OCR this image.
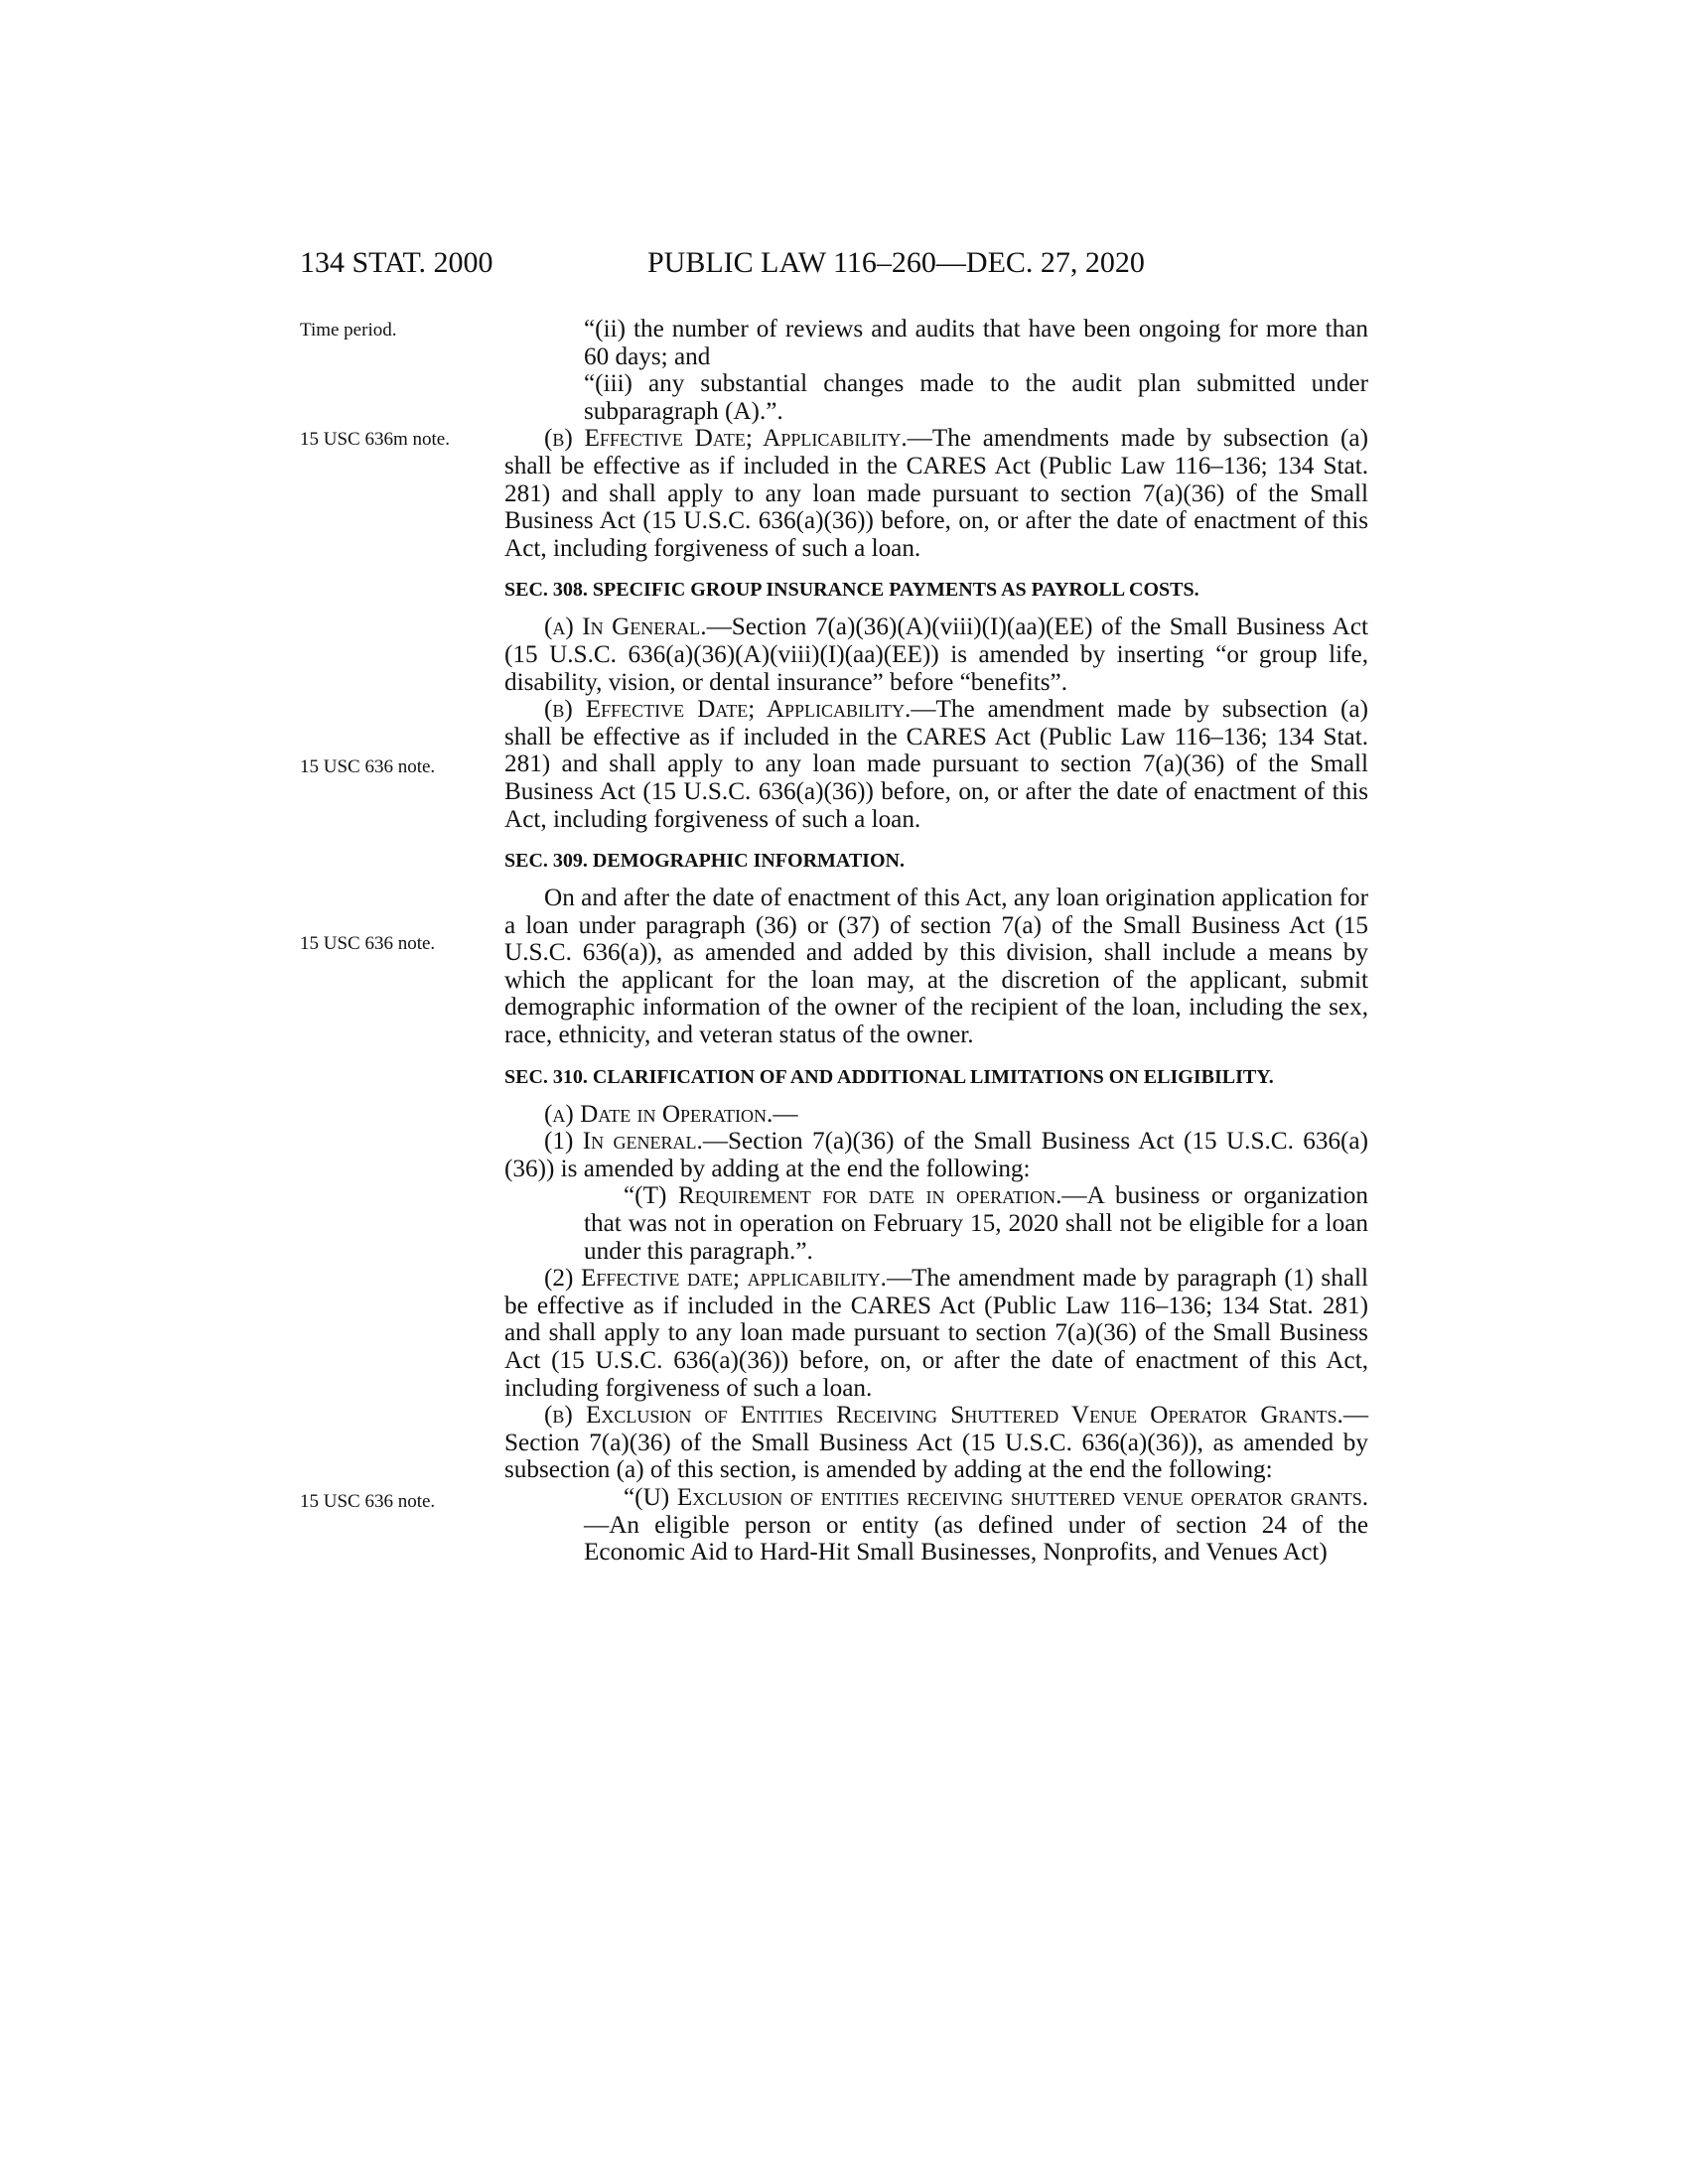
134 STAT. 2000	PUBLIC LAW 116–260—DEC. 27, 2020
Time period.
15 USC 636m note.
15 USC 636 note.
15 USC 636 note.
15 USC 636 note.

“(ii) the number of reviews and audits that have been ongoing for more than 60 days; and

“(iii) any substantial changes made to the audit plan submitted under subparagraph (A).”.

(b) Effective Date; Applicability.—The amendments made by subsection (a) shall be effective as if included in the CARES Act (Public Law 116–136; 134 Stat. 281) and shall apply to any loan made pursuant to section 7(a)(36) of the Small Business Act (15 U.S.C. 636(a)(36)) before, on, or after the date of enactment of this Act, including forgiveness of such a loan.

SEC. 308. SPECIFIC GROUP INSURANCE PAYMENTS AS PAYROLL COSTS.

(a) In General.—Section 7(a)(36)(A)(viii)(I)(aa)(EE) of the Small Business Act (15 U.S.C. 636(a)(36)(A)(viii)(I)(aa)(EE)) is amended by inserting “or group life, disability, vision, or dental insurance” before “benefits”.

(b) Effective Date; Applicability.—The amendment made by subsection (a) shall be effective as if included in the CARES Act (Public Law 116–136; 134 Stat. 281) and shall apply to any loan made pursuant to section 7(a)(36) of the Small Business Act (15 U.S.C. 636(a)(36)) before, on, or after the date of enactment of this Act, including forgiveness of such a loan.

SEC. 309. DEMOGRAPHIC INFORMATION.

On and after the date of enactment of this Act, any loan origination application for a loan under paragraph (36) or (37) of section 7(a) of the Small Business Act (15 U.S.C. 636(a)), as amended and added by this division, shall include a means by which the applicant for the loan may, at the discretion of the applicant, submit demographic information of the owner of the recipient of the loan, including the sex, race, ethnicity, and veteran status of the owner.

SEC. 310. CLARIFICATION OF AND ADDITIONAL LIMITATIONS ON ELIGIBILITY.

(a) Date in Operation.—

(1) In general.—Section 7(a)(36) of the Small Business Act (15 U.S.C. 636(a)(36)) is amended by adding at the end the following:

“(T) Requirement for date in operation.—A business or organization that was not in operation on February 15, 2020 shall not be eligible for a loan under this paragraph.”.

(2) Effective date; applicability.—The amendment made by paragraph (1) shall be effective as if included in the CARES Act (Public Law 116–136; 134 Stat. 281) and shall apply to any loan made pursuant to section 7(a)(36) of the Small Business Act (15 U.S.C. 636(a)(36)) before, on, or after the date of enactment of this Act, including forgiveness of such a loan.

(b) Exclusion of Entities Receiving Shuttered Venue Operator Grants.—Section 7(a)(36) of the Small Business Act (15 U.S.C. 636(a)(36)), as amended by subsection (a) of this section, is amended by adding at the end the following:

“(U) Exclusion of entities receiving shuttered venue operator grants.—An eligible person or entity (as defined under of section 24 of the Economic Aid to Hard-Hit Small Businesses, Nonprofits, and Venues Act)
